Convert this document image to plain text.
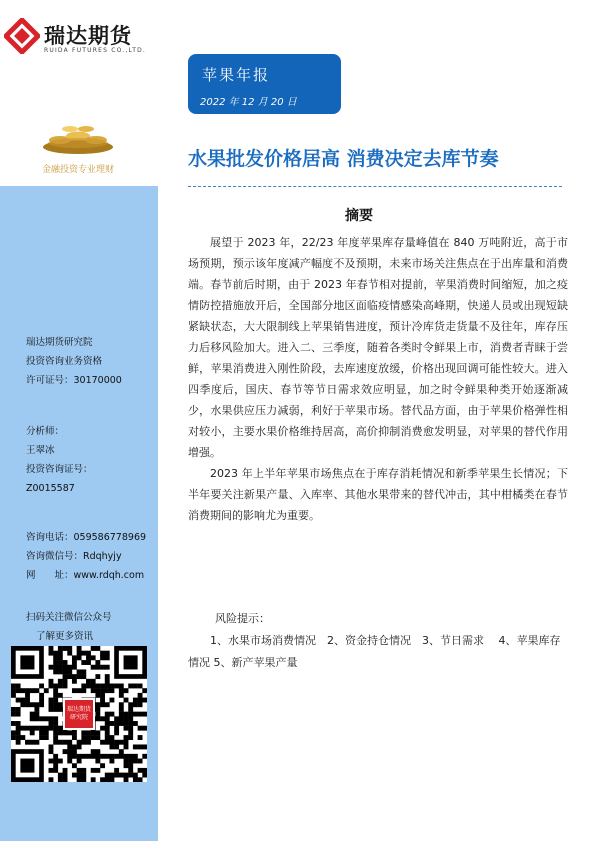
瑞达期货
RUIDA FUTURES CO.,LTD.
苹果年报
2022 年 12 月 20 日
金融投资专业理财	水果批发价格居高 消费决定去库节奏
摘要

展望于 2023 年，22/23 年度苹果库存量峰值在 840 万吨附近，高于市场预期，预示该年度减产幅度不及预期，未来市场关注焦点在于出库量和消费端。春节前后时期，由于 2023 年春节相对提前，苹果消费时间缩短，加之疫情防控措施放开后，全国部分地区面临疫情感染高峰期，快递人员或出现短缺紧缺状态，大大限制线上苹果销售进度，预计冷库货走货量不及往年，库存压力后移风险加大。进入二、三季度，随着各类时令鲜果上市，消费者青睐于尝鲜，苹果消费进入刚性阶段，去库速度放缓，价格出现回调可能性较大。进入四季度后，国庆、春节等节日需求效应明显，加之时令鲜果种类开始逐渐减少，水果供应压力减弱，利好于苹果市场。替代品方面，由于苹果价格弹性相对较小，主要水果价格维持居高，高价抑制消费愈发明显，对苹果的替代作用增强。

2023 年上半年苹果市场焦点在于库存消耗情况和新季苹果生长情况；下半年要关注新果产量、入库率、其他水果带来的替代冲击，其中柑橘类在春节消费期间的影响尤为重要。

风险提示：

1、水果市场消费情况　2、资金持仓情况　3、节日需求　 4、苹果库存情况 5、新产苹果产量

瑞达期货研究院
投资咨询业务资格
许可证号：30170000
分析师：
王翠冰
投资咨询证号：
Z0015587
咨询电话：059586778969
咨询微信号：Rdqhyjy
网　　址：www.rdqh.com
扫码关注微信公众号
了解更多资讯
瑞达期货研究院
